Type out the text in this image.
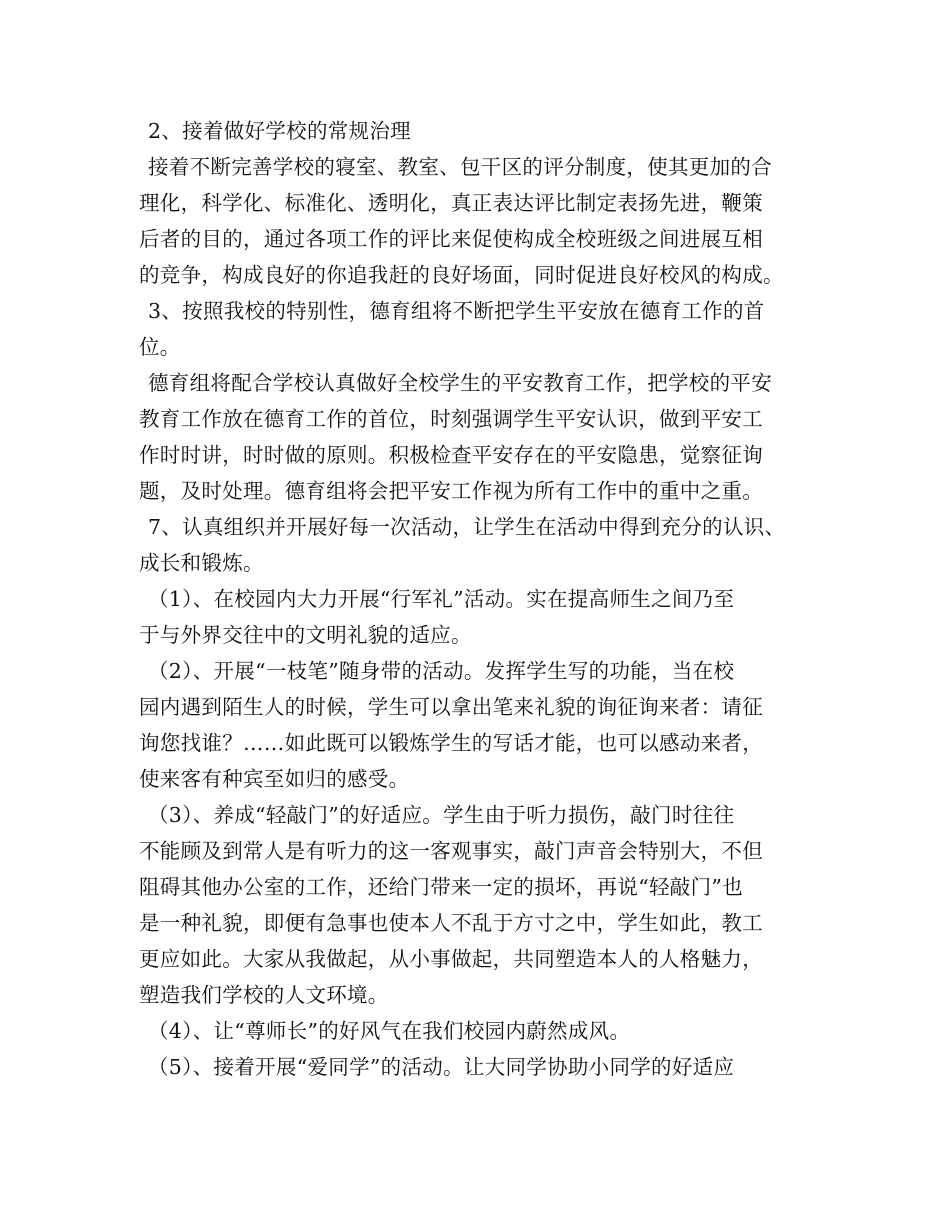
2、接着做好学校的常规治理
接着不断完善学校的寝室、教室、包干区的评分制度，使其更加的合
理化，科学化、标准化、透明化，真正表达评比制定表扬先进，鞭策
后者的目的，通过各项工作的评比来促使构成全校班级之间进展互相
的竞争，构成良好的你追我赶的良好场面，同时促进良好校风的构成。
3、按照我校的特别性，德育组将不断把学生平安放在德育工作的首
位。
德育组将配合学校认真做好全校学生的平安教育工作，把学校的平安
教育工作放在德育工作的首位，时刻强调学生平安认识，做到平安工
作时时讲，时时做的原则。积极检查平安存在的平安隐患，觉察征询
题，及时处理。德育组将会把平安工作视为所有工作中的重中之重。
7、认真组织并开展好每一次活动，让学生在活动中得到充分的认识、
成长和锻炼。
（1）、在校园内大力开展“行军礼”活动。实在提高师生之间乃至
于与外界交往中的文明礼貌的适应。
（2）、开展“一枝笔”随身带的活动。发挥学生写的功能，当在校
园内遇到陌生人的时候，学生可以拿出笔来礼貌的询征询来者：请征
询您找谁？……如此既可以锻炼学生的写话才能，也可以感动来者，
使来客有种宾至如归的感受。
（3）、养成“轻敲门”的好适应。学生由于听力损伤，敲门时往往
不能顾及到常人是有听力的这一客观事实，敲门声音会特别大，不但
阻碍其他办公室的工作，还给门带来一定的损坏，再说“轻敲门”也
是一种礼貌，即便有急事也使本人不乱于方寸之中，学生如此，教工
更应如此。大家从我做起，从小事做起，共同塑造本人的人格魅力，
塑造我们学校的人文环境。
（4）、让“尊师长”的好风气在我们校园内蔚然成风。
（5）、接着开展“爱同学”的活动。让大同学协助小同学的好适应
